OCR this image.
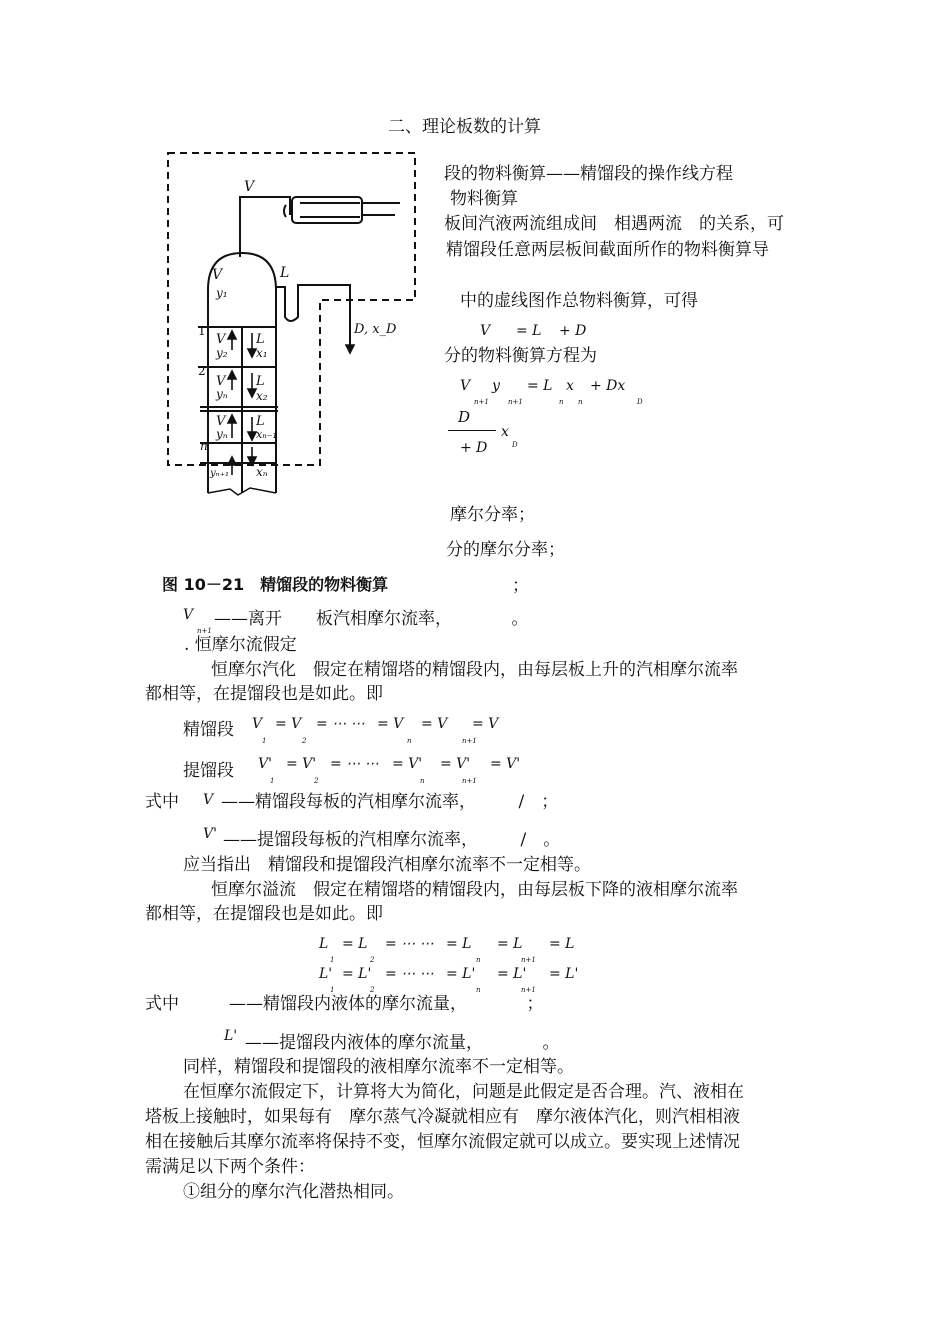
二、理论板数的计算
V
V
y₁
L
D, x_D
1
2
n
V
y₂
L
x₁
V
yₙ
L
x₂
V
yₙ
L
xₙ₋₁
yₙ₊₁ xₙ
段的物料衡算——精馏段的操作线方程
物料衡算
板间汽液两流组成间　相遇两流　的关系，可
精馏段任意两层板间截面所作的物料衡算导
中的虚线图作总物料衡算，可得
V = L + D
分的物料衡算方程为
V y = L x + Dx
n+1	n+1	n n	D
D
+ D
x
D
摩尔分率；
分的摩尔分率；
图 10－21　精馏段的物料衡算	；
V
n+1
——离开　　板汽相摩尔流率，　　　　。
. 恒摩尔流假定
恒摩尔汽化　假定在精馏塔的精馏段内，由每层板上升的汽相摩尔流率
都相等，在提馏段也是如此。即
精馏段 V = V = ⋯ ⋯ = V = V = V
1	2	n	n+1
提馏段 V' = V' = ⋯ ⋯ = V' = V' = V'
1	2	n	n+1
式中 V ——精馏段每板的汽相摩尔流率，　　　/　；
V' ——提馏段每板的汽相摩尔流率，　　　/　。
应当指出　精馏段和提馏段汽相摩尔流率不一定相等。
恒摩尔溢流　假定在精馏塔的精馏段内，由每层板下降的液相摩尔流率
都相等，在提馏段也是如此。即
L = L = ⋯ ⋯ = L = L = L
1	2	n	n+1
L' = L' = ⋯ ⋯ = L' = L' = L'
1	2	n	n+1
式中	——精馏段内液体的摩尔流量，　　　　；
L' ——提馏段内液体的摩尔流量，　　　　。
同样，精馏段和提馏段的液相摩尔流率不一定相等。
在恒摩尔流假定下，计算将大为简化，问题是此假定是否合理。汽、液相在
塔板上接触时，如果每有　摩尔蒸气冷凝就相应有　摩尔液体汽化，则汽相相液
相在接触后其摩尔流率将保持不变，恒摩尔流假定就可以成立。要实现上述情况
需满足以下两个条件：
①组分的摩尔汽化潜热相同。
